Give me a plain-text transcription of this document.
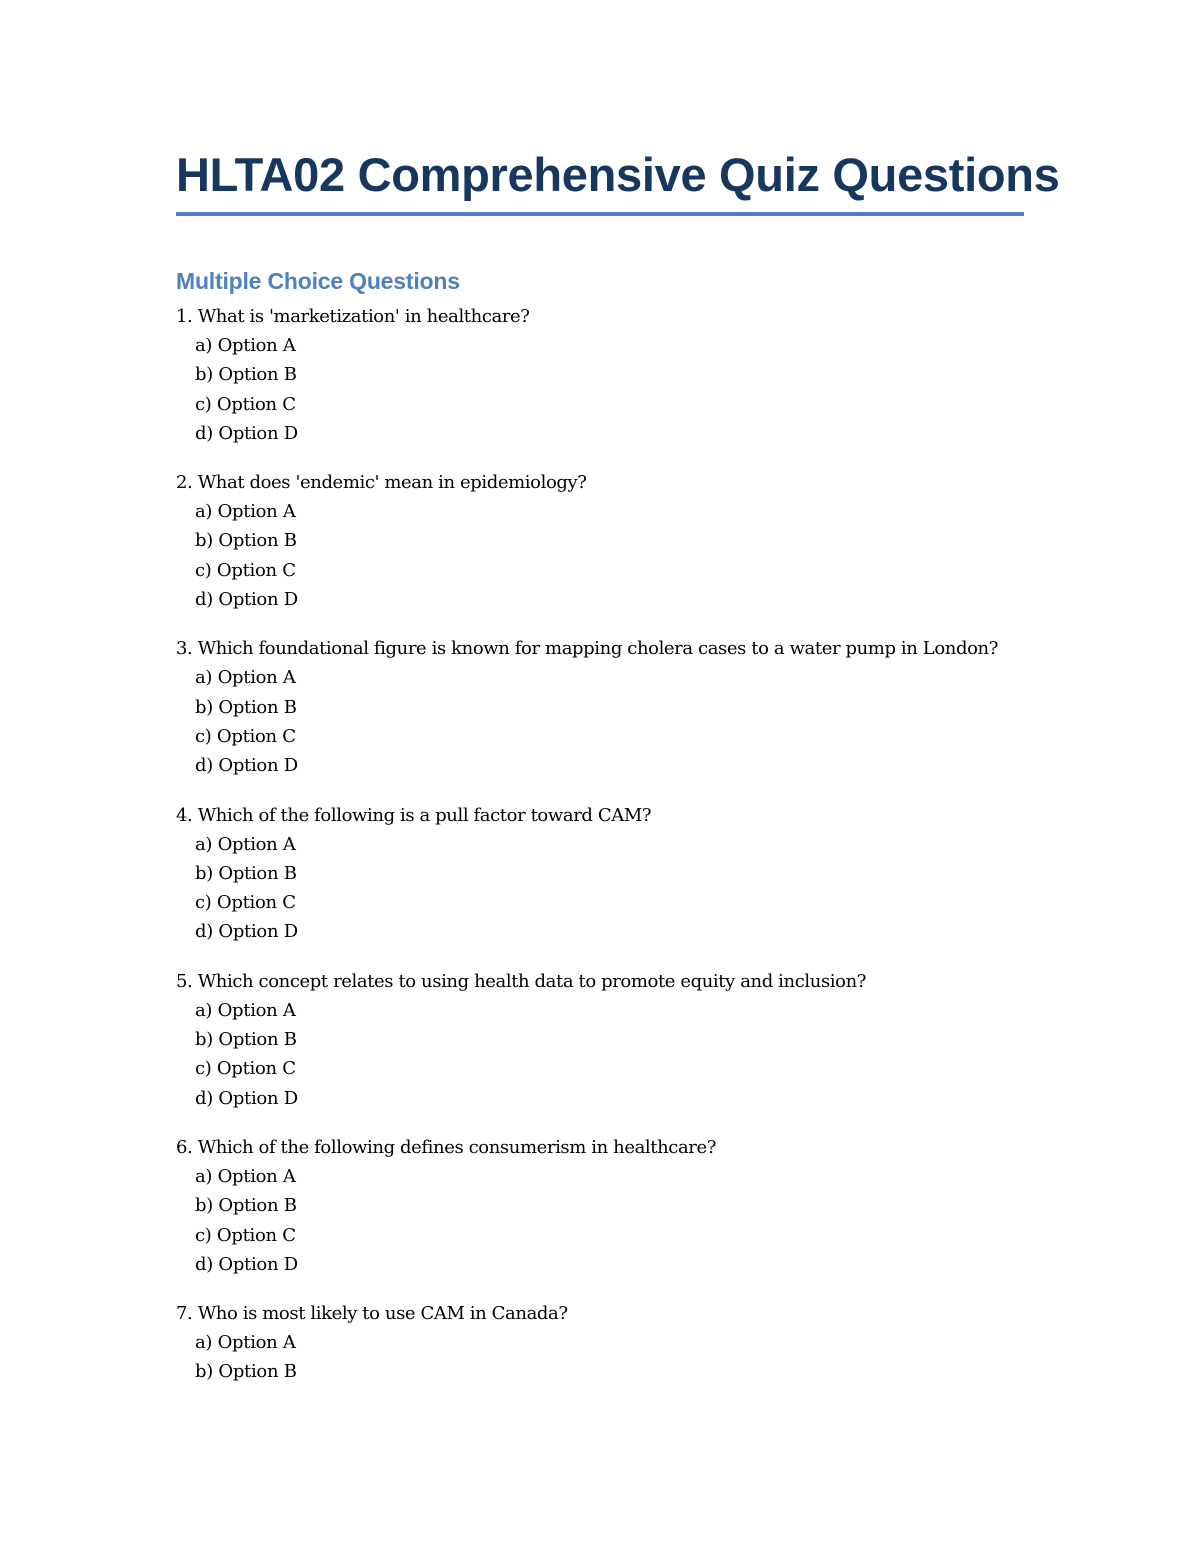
HLTA02 Comprehensive Quiz Questions
Multiple Choice Questions
1. What is 'marketization' in healthcare?
a) Option A
b) Option B
c) Option C
d) Option D
2. What does 'endemic' mean in epidemiology?
a) Option A
b) Option B
c) Option C
d) Option D
3. Which foundational figure is known for mapping cholera cases to a water pump in London?
a) Option A
b) Option B
c) Option C
d) Option D
4. Which of the following is a pull factor toward CAM?
a) Option A
b) Option B
c) Option C
d) Option D
5. Which concept relates to using health data to promote equity and inclusion?
a) Option A
b) Option B
c) Option C
d) Option D
6. Which of the following defines consumerism in healthcare?
a) Option A
b) Option B
c) Option C
d) Option D
7. Who is most likely to use CAM in Canada?
a) Option A
b) Option B
